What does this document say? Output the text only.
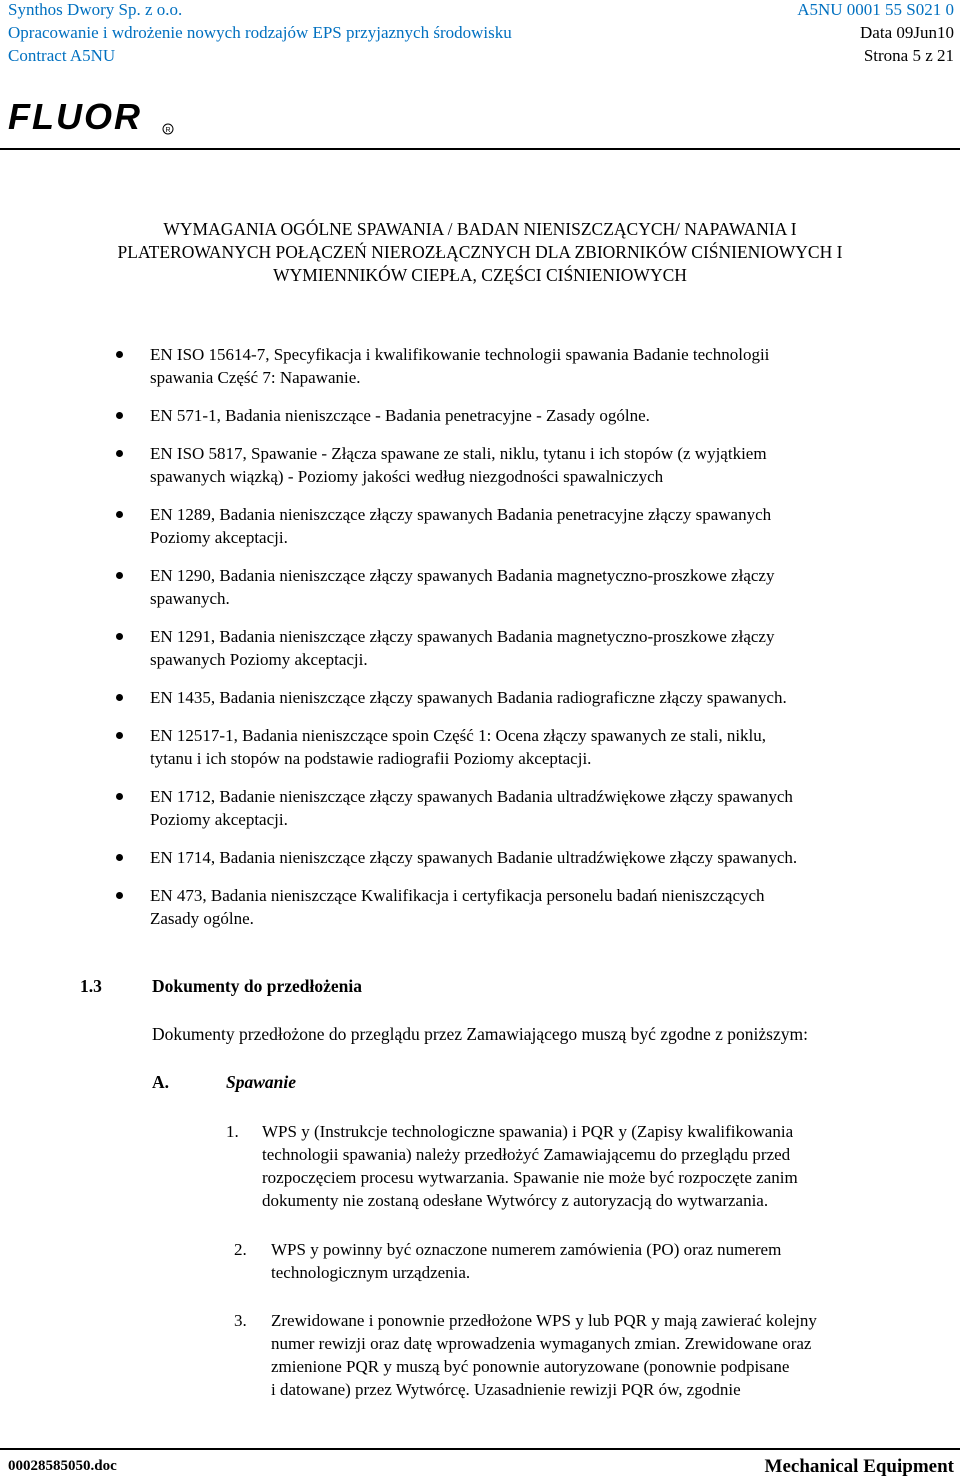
Synthos Dwory Sp. z o.o.	A5NU 0001 55 S021 0
Opracowanie i wdrożenie nowych rodzajów EPS przyjaznych środowisku	Data 09Jun10
Contract A5NU	Strona 5 z 21
FLUOR	R
WYMAGANIA OGÓLNE SPAWANIA / BADAN NIENISZCZĄCYCH/ NAPAWANIA I
PLATEROWANYCH POŁĄCZEŃ NIEROZŁĄCZNYCH DLA ZBIORNIKÓW CIŚNIENIOWYCH I
WYMIENNIKÓW CIEPŁA, CZĘŚCI CIŚNIENIOWYCH
EN ISO 15614-7, Specyfikacja i kwalifikowanie technologii spawania Badanie technologii
spawania Część 7: Napawanie.
EN 571-1, Badania nieniszczące - Badania penetracyjne - Zasady ogólne.
EN ISO 5817, Spawanie - Złącza spawane ze stali, niklu, tytanu i ich stopów (z wyjątkiem
spawanych wiązką) - Poziomy jakości według niezgodności spawalniczych
EN 1289, Badania nieniszczące złączy spawanych Badania penetracyjne złączy spawanych
Poziomy akceptacji.
EN 1290, Badania nieniszczące złączy spawanych Badania magnetyczno-proszkowe złączy
spawanych.
EN 1291, Badania nieniszczące złączy spawanych Badania magnetyczno-proszkowe złączy
spawanych Poziomy akceptacji.
EN 1435, Badania nieniszczące złączy spawanych Badania radiograficzne złączy spawanych.
EN 12517-1, Badania nieniszczące spoin Część 1: Ocena złączy spawanych ze stali, niklu,
tytanu i ich stopów na podstawie radiografii Poziomy akceptacji.
EN 1712, Badanie nieniszczące złączy spawanych Badania ultradźwiękowe złączy spawanych
Poziomy akceptacji.
EN 1714, Badania nieniszczące złączy spawanych Badanie ultradźwiękowe złączy spawanych.
EN 473, Badania nieniszczące Kwalifikacja i certyfikacja personelu badań nieniszczących
Zasady ogólne.
1.3	Dokumenty do przedłożenia
Dokumenty przedłożone do przeglądu przez Zamawiającego muszą być zgodne z poniższym:
A.	Spawanie
1. WPS y (Instrukcje technologiczne spawania) i PQR y (Zapisy kwalifikowania
technologii spawania) należy przedłożyć Zamawiającemu do przeglądu przed
rozpoczęciem procesu wytwarzania. Spawanie nie może być rozpoczęte zanim
dokumenty nie zostaną odesłane Wytwórcy z autoryzacją do wytwarzania.
2. WPS y powinny być oznaczone numerem zamówienia (PO) oraz numerem
technologicznym urządzenia.
3. Zrewidowane i ponownie przedłożone WPS y lub PQR y mają zawierać kolejny
numer rewizji oraz datę wprowadzenia wymaganych zmian. Zrewidowane oraz
zmienione PQR y muszą być ponownie autoryzowane (ponownie podpisane
i datowane) przez Wytwórcę. Uzasadnienie rewizji PQR ów, zgodnie
00028585050.doc	Mechanical Equipment
